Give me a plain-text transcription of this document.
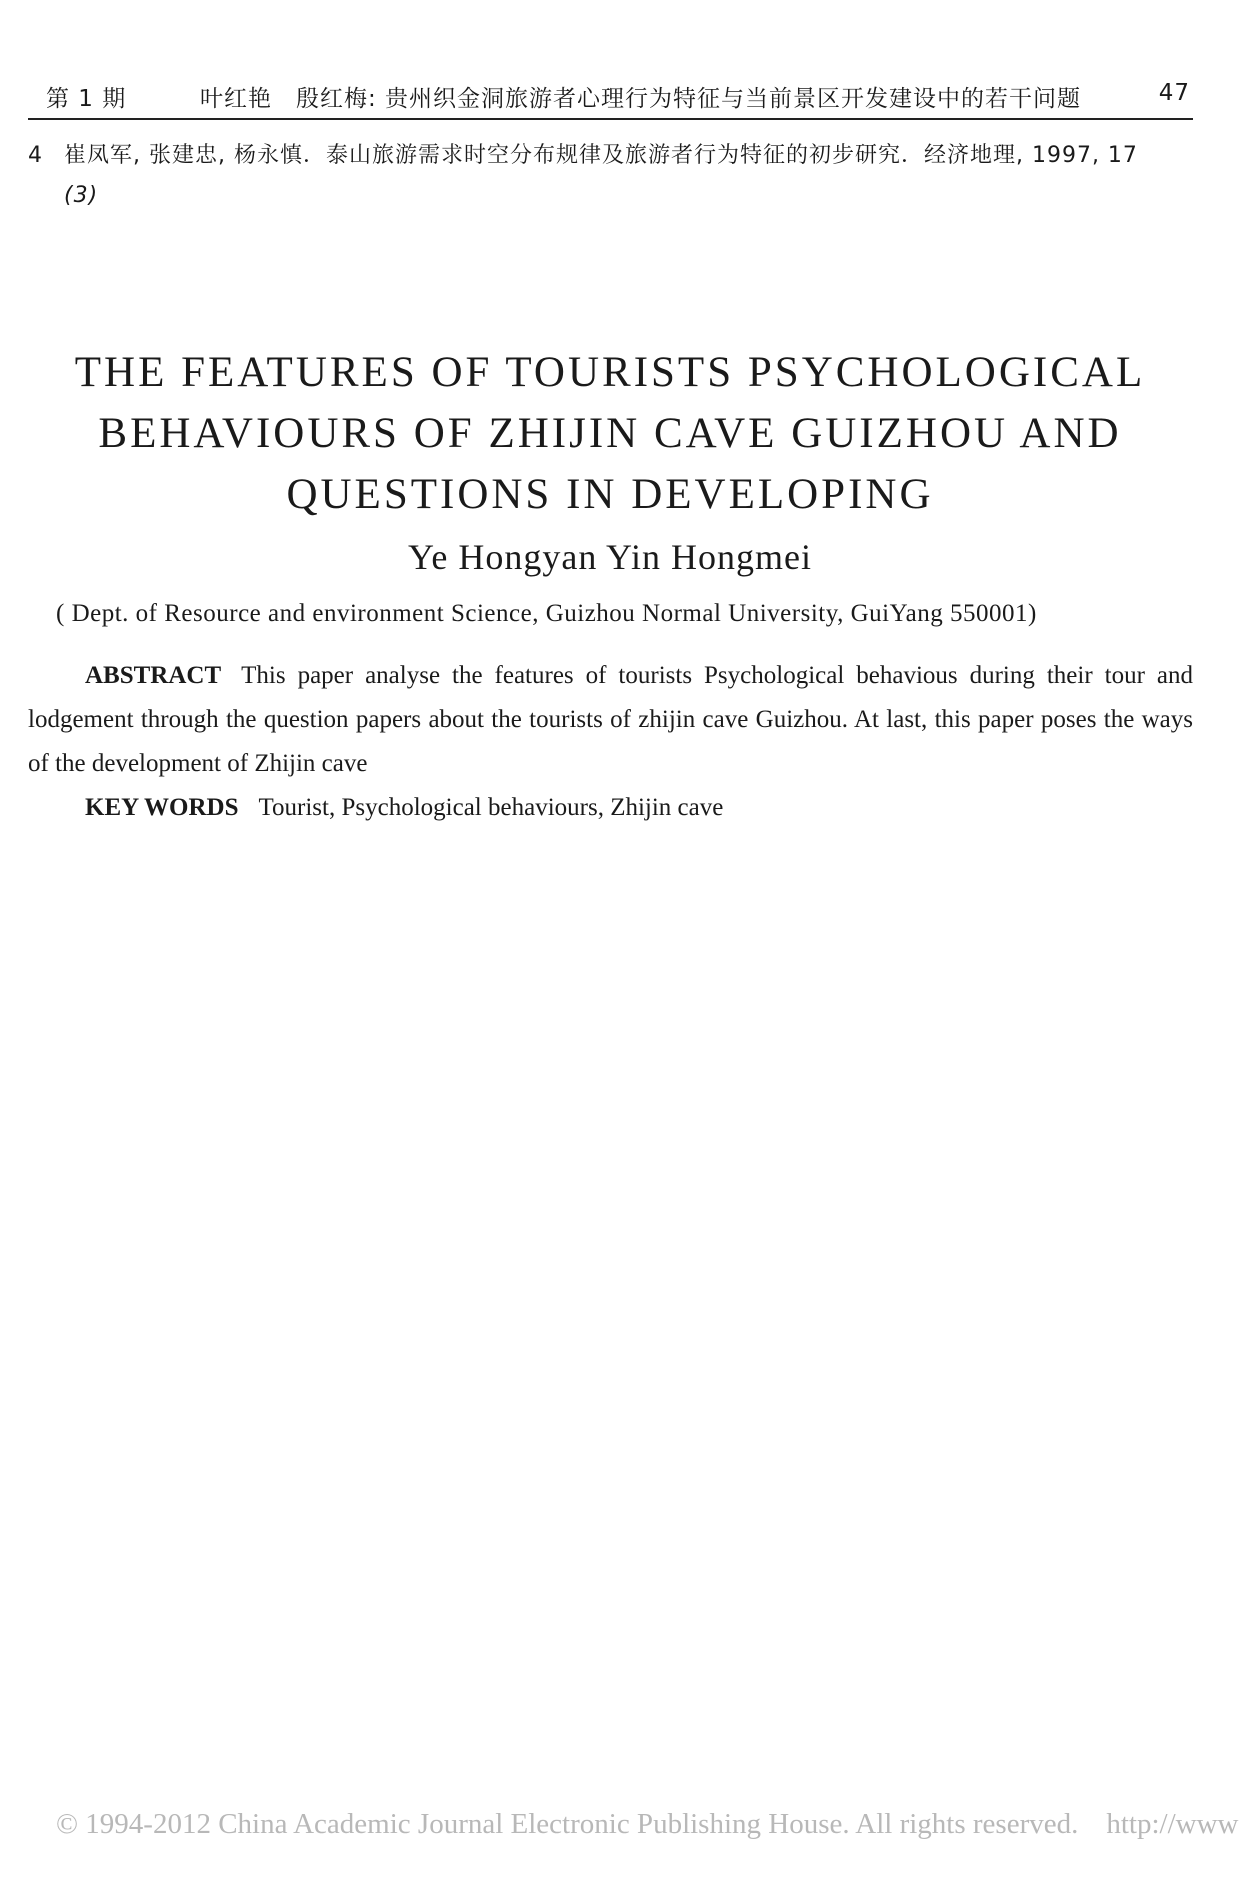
第 1 期	叶红艳　殷红梅: 贵州织金洞旅游者心理行为特征与当前景区开发建设中的若干问题	47
4 崔凤军, 张建忠, 杨永慎．泰山旅游需求时空分布规律及旅游者行为特征的初步研究．经济地理, 1997, 17
(3)
THE FEATURES OF TOURISTS PSYCHOLOGICAL
BEHAVIOURS OF ZHIJIN CAVE GUIZHOU AND
QUESTIONS IN DEVELOPING
Ye Hongyan Yin Hongmei
( Dept. of Resource and environment Science, Guizhou Normal University, GuiYang 550001)

ABSTRACT This paper analyse the features of tourists Psychological behavious during their tour and lodgement through the question papers about the tourists of zhijin cave Guizhou. At last, this paper poses the ways of the development of Zhijin cave

KEY WORDS Tourist, Psychological behaviours, Zhijin cave

© 1994-2012 China Academic Journal Electronic Publishing House. All rights reserved. http://www
